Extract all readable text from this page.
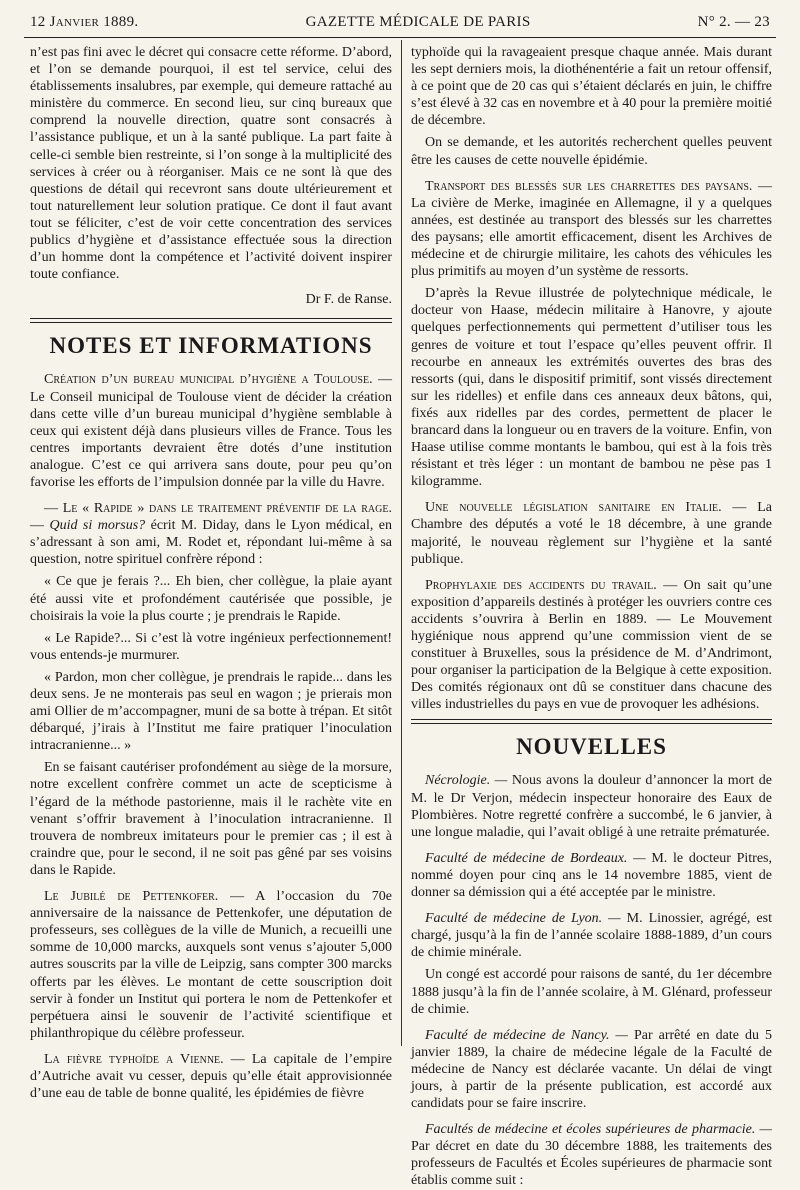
12 Janvier 1889.	GAZETTE MÉDICALE DE PARIS	N° 2. — 23

n’est pas fini avec le décret qui consacre cette réforme. D’abord, et l’on se demande pourquoi, il est tel service, celui des établissements insalubres, par exemple, qui demeure rattaché au ministère du commerce. En second lieu, sur cinq bureaux que comprend la nouvelle direction, quatre sont consacrés à l’assistance publique, et un à la santé publique. La part faite à celle-ci semble bien restreinte, si l’on songe à la multiplicité des services à créer ou à réorganiser. Mais ce ne sont là que des questions de détail qui recevront sans doute ultérieurement et tout naturellement leur solution pratique. Ce dont il faut avant tout se féliciter, c’est de voir cette concentration des services publics d’hygiène et d’assistance effectuée sous la direction d’un homme dont la compétence et l’activité doivent inspirer toute confiance.

Dr F. de Ranse.

NOTES ET INFORMATIONS

Création d’un bureau municipal d’hygiène a Toulouse. — Le Conseil municipal de Toulouse vient de décider la création dans cette ville d’un bureau municipal d’hygiène semblable à ceux qui existent déjà dans plusieurs villes de France. Tous les centres importants devraient être dotés d’une institution analogue. C’est ce qui arrivera sans doute, pour peu qu’on favorise les efforts de l’impulsion donnée par la ville du Havre.

— Le « Rapide » dans le traitement préventif de la rage. — Quid si morsus? écrit M. Diday, dans le Lyon médical, en s’adressant à son ami, M. Rodet et, répondant lui-même à sa question, notre spirituel confrère répond :

« Ce que je ferais ?... Eh bien, cher collègue, la plaie ayant été aussi vite et profondément cautérisée que possible, je choisirais la voie la plus courte ; je prendrais le Rapide.

« Le Rapide?... Si c’est là votre ingénieux perfectionnement! vous entends-je murmurer.

« Pardon, mon cher collègue, je prendrais le rapide... dans les deux sens. Je ne monterais pas seul en wagon ; je prierais mon ami Ollier de m’accompagner, muni de sa botte à trépan. Et sitôt débarqué, j’irais à l’Institut me faire pratiquer l’inoculation intracranienne... »

En se faisant cautériser profondément au siège de la morsure, notre excellent confrère commet un acte de scepticisme à l’égard de la méthode pastorienne, mais il le rachète vite en venant s’offrir bravement à l’inoculation intracranienne. Il trouvera de nombreux imitateurs pour le premier cas ; il est à craindre que, pour le second, il ne soit pas gêné par ses voisins dans le Rapide.

Le Jubilé de Pettenkofer. — A l’occasion du 70e anniversaire de la naissance de Pettenkofer, une députation de professeurs, ses collègues de la ville de Munich, a recueilli une somme de 10,000 marcks, auxquels sont venus s’ajouter 5,000 autres souscrits par la ville de Leipzig, sans compter 300 marcks offerts par les élèves. Le montant de cette souscription doit servir à fonder un Institut qui portera le nom de Pettenkofer et perpétuera ainsi le souvenir de l’activité scientifique et philanthropique du célèbre professeur.

La fièvre typhoïde a Vienne. — La capitale de l’empire d’Autriche avait vu cesser, depuis qu’elle était approvisionnée d’une eau de table de bonne qualité, les épidémies de fièvre

typhoïde qui la ravageaient presque chaque année. Mais durant les sept derniers mois, la diothénentérie a fait un retour offensif, à ce point que de 20 cas qui s’étaient déclarés en juin, le chiffre s’est élevé à 32 cas en novembre et à 40 pour la première moitié de décembre.

On se demande, et les autorités recherchent quelles peuvent être les causes de cette nouvelle épidémie.

Transport des blessés sur les charrettes des paysans. — La civière de Merke, imaginée en Allemagne, il y a quelques années, est destinée au transport des blessés sur les charrettes des paysans; elle amortit efficacement, disent les Archives de médecine et de chirurgie militaire, les cahots des véhicules les plus primitifs au moyen d’un système de ressorts.

D’après la Revue illustrée de polytechnique médicale, le docteur von Haase, médecin militaire à Hanovre, y ajoute quelques perfectionnements qui permettent d’utiliser tous les genres de voiture et tout l’espace qu’elles peuvent offrir. Il recourbe en anneaux les extrémités ouvertes des bras des ressorts (qui, dans le dispositif primitif, sont vissés directement sur les ridelles) et enfile dans ces anneaux deux bâtons, qui, fixés aux ridelles par des cordes, permettent de placer le brancard dans la longueur ou en travers de la voiture. Enfin, von Haase utilise comme montants le bambou, qui est à la fois très résistant et très léger : un montant de bambou ne pèse pas 1 kilogramme.

Une nouvelle législation sanitaire en Italie. — La Chambre des députés a voté le 18 décembre, à une grande majorité, le nouveau règlement sur l’hygiène et la santé publique.

Prophylaxie des accidents du travail. — On sait qu’une exposition d’appareils destinés à protéger les ouvriers contre ces accidents s’ouvrira à Berlin en 1889. — Le Mouvement hygiénique nous apprend qu’une commission vient de se constituer à Bruxelles, sous la présidence de M. d’Andrimont, pour organiser la participation de la Belgique à cette exposition. Des comités régionaux ont dû se constituer dans chacune des villes industrielles du pays en vue de provoquer les adhésions.

NOUVELLES

Nécrologie. — Nous avons la douleur d’annoncer la mort de M. le Dr Verjon, médecin inspecteur honoraire des Eaux de Plombières. Notre regretté confrère a succombé, le 6 janvier, à une longue maladie, qui l’avait obligé à une retraite prématurée.

Faculté de médecine de Bordeaux. — M. le docteur Pitres, nommé doyen pour cinq ans le 14 novembre 1885, vient de donner sa démission qui a été acceptée par le ministre.

Faculté de médecine de Lyon. — M. Linossier, agrégé, est chargé, jusqu’à la fin de l’année scolaire 1888-1889, d’un cours de chimie minérale.

Un congé est accordé pour raisons de santé, du 1er décembre 1888 jusqu’à la fin de l’année scolaire, à M. Glénard, professeur de chimie.

Faculté de médecine de Nancy. — Par arrêté en date du 5 janvier 1889, la chaire de médecine légale de la Faculté de médecine de Nancy est déclarée vacante. Un délai de vingt jours, à partir de la présente publication, est accordé aux candidats pour se faire inscrire.

Facultés de médecine et écoles supérieures de pharmacie. — Par décret en date du 30 décembre 1888, les traitements des professeurs de Facultés et Écoles supérieures de pharmacie sont établis comme suit :
